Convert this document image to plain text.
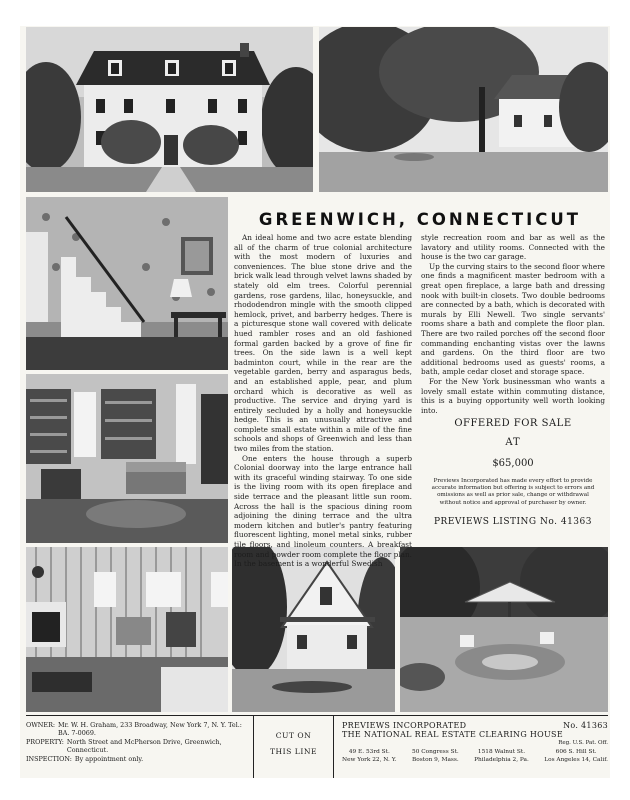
GREENWICH, CONNECTICUT

An ideal home and two acre estate blending all of the charm of true colonial architecture with the most modern of luxuries and conveniences. The blue stone drive and the brick walk lead through velvet lawns shaded by stately old elm trees. Colorful perennial gardens, rose gardens, lilac, honeysuckle, and rhododendron mingle with the smooth clipped hemlock, privet, and barberry hedges. There is a picturesque stone wall covered with delicate hued rambler roses and an old fashioned formal garden backed by a grove of fine fir trees. On the side lawn is a well kept badminton court, while in the rear are the vegetable garden, berry and asparagus beds, and an established apple, pear, and plum orchard which is decorative as well as productive. The service and drying yard is entirely secluded by a holly and honeysuckle hedge. This is an unusually attractive and complete small estate within a mile of the fine schools and shops of Greenwich and less than two miles from the station.

One enters the house through a superb Colonial doorway into the large entrance hall with its graceful winding stairway. To one side is the living room with its open fireplace and side terrace and the pleasant little sun room. Across the hall is the spacious dining room adjoining the dining terrace and the ultra modern kitchen and butler's pantry featuring fluorescent lighting, monel metal sinks, rubber tile floors, and linoleum counters. A breakfast room and powder room complete the floor plan. In the basement is a wonderful Swedish

style recreation room and bar as well as the lavatory and utility rooms. Connected with the house is the two car garage.

Up the curving stairs to the second floor where one finds a magnificent master bedroom with a great open fireplace, a large bath and dressing nook with built-in closets. Two double bedrooms are connected by a bath, which is decorated with murals by Elli Newell. Two single servants' rooms share a bath and complete the floor plan. There are two railed porches off the second floor commanding enchanting vistas over the lawns and gardens. On the third floor are two additional bedrooms used as guests' rooms, a bath, ample cedar closet and storage space.

For the New York businessman who wants a lovely small estate within commuting distance, this is a buying opportunity well worth looking into.

OFFERED FOR SALE
AT
$65,000
Previews Incorporated has made every effort to provide accurate information but offering is subject to errors and omissions as well as prior sale, change or withdrawal without notice and approval of purchaser by owner.
PREVIEWS LISTING No. 41363
OWNER: Mr. W. H. Graham, 233 Broadway, New York 7, N. Y. Tel.: BA. 7-0069.
PROPERTY: North Street and McPherson Drive, Greenwich, Connecticut.
INSPECTION: By appointment only.
CUT ON
THIS LINE
PREVIEWS INCORPORATED	No. 41363
THE NATIONAL REAL ESTATE CLEARING HOUSE
Reg. U.S. Pat. Off.
49 E. 53rd St.
New York 22, N. Y.
50 Congress St.
Boston 9, Mass.
1518 Walnut St.
Philadelphia 2, Pa.
606 S. Hill St.
Los Angeles 14, Calif.
